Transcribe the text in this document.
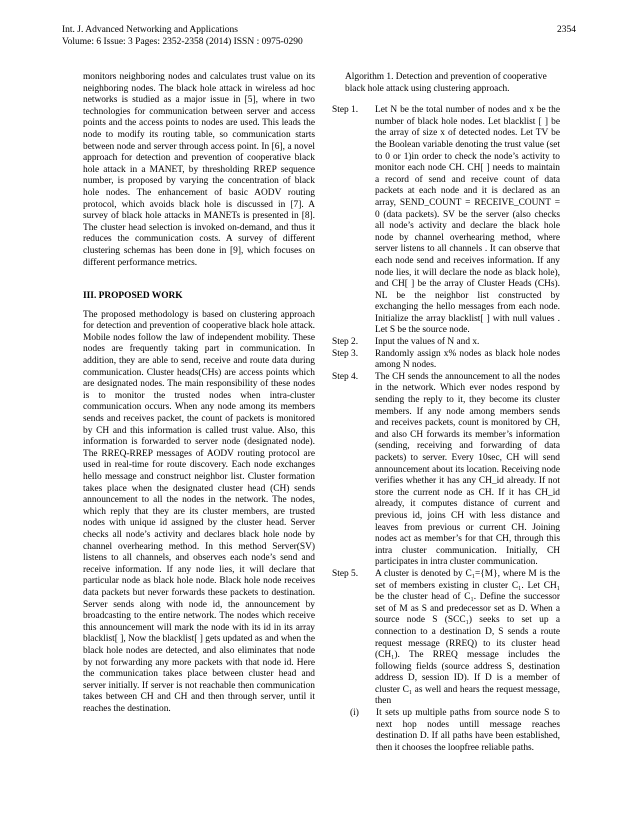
Int. J. Advanced Networking and Applications
Volume: 6 Issue: 3 Pages: 2352-2358 (2014) ISSN : 0975-0290
2354

monitors neighboring nodes and calculates trust value on its neighboring nodes. The black hole attack in wireless ad hoc networks is studied as a major issue in [5], where in two technologies for communication between server and access points and the access points to nodes are used. This leads the node to modify its routing table, so communication starts between node and server through access point. In [6], a novel approach for detection and prevention of cooperative black hole attack in a MANET, by thresholding RREP sequence number, is proposed by varying the concentration of black hole nodes. The enhancement of basic AODV routing protocol, which avoids black hole is discussed in [7]. A survey of black hole attacks in MANETs is presented in [8]. The cluster head selection is invoked on-demand, and thus it reduces the communication costs. A survey of different clustering schemas has been done in [9], which focuses on different performance metrics.

III. PROPOSED WORK

The proposed methodology is based on clustering approach for detection and prevention of cooperative black hole attack. Mobile nodes follow the law of independent mobility. These nodes are frequently taking part in communication. In addition, they are able to send, receive and route data during communication. Cluster heads(CHs) are access points which are designated nodes. The main responsibility of these nodes is to monitor the trusted nodes when intra-cluster communication occurs. When any node among its members sends and receives packet, the count of packets is monitored by CH and this information is called trust value. Also, this information is forwarded to server node (designated node). The RREQ-RREP messages of AODV routing protocol are used in real-time for route discovery. Each node exchanges hello message and construct neighbor list. Cluster formation takes place when the designated cluster head (CH) sends announcement to all the nodes in the network. The nodes, which reply that they are its cluster members, are trusted nodes with unique id assigned by the cluster head. Server checks all node’s activity and declares black hole node by channel overhearing method. In this method Server(SV) listens to all channels, and observes each node’s send and receive information. If any node lies, it will declare that particular node as black hole node. Black hole node receives data packets but never forwards these packets to destination. Server sends along with node id, the announcement by broadcasting to the entire network. The nodes which receive this announcement will mark the node with its id in its array blacklist[ ], Now the blacklist[ ] gets updated as and when the black hole nodes are detected, and also eliminates that node by not forwarding any more packets with that node id. Here the communication takes place between cluster head and server initially. If server is not reachable then communication takes between CH and CH and then through server, until it reaches the destination.

Algorithm 1. Detection and prevention of cooperative black hole attack using clustering approach.
Step 1.	Let N be the total number of nodes and x be the number of black hole nodes. Let blacklist [ ] be the array of size x of detected nodes. Let TV be the Boolean variable denoting the trust value (set to 0 or 1)in order to check the node’s activity to monitor each node CH. CH[ ] needs to maintain a record of send and receive count of data packets at each node and it is declared as an array, SEND_COUNT = RECEIVE_COUNT = 0 (data packets). SV be the server (also checks all node’s activity and declare the black hole node by channel overhearing method, where server listens to all channels . It can observe that each node send and receives information. If any node lies, it will declare the node as black hole), and CH[ ] be the array of Cluster Heads (CHs). NL be the neighbor list constructed by exchanging the hello messages from each node. Initialize the array blacklist[ ] with null values . Let S be the source node.
Step 2.	Input the values of N and x.
Step 3.	Randomly assign x% nodes as black hole nodes among N nodes.
Step 4.	The CH sends the announcement to all the nodes in the network. Which ever nodes respond by sending the reply to it, they become its cluster members. If any node among members sends and receives packets, count is monitored by CH, and also CH forwards its member’s information (sending, receiving and forwarding of data packets) to server. Every 10sec, CH will send announcement about its location. Receiving node verifies whether it has any CH_id already. If not store the current node as CH. If it has CH_id already, it computes distance of current and previous id, joins CH with less distance and leaves from previous or current CH. Joining nodes act as member’s for that CH, through this intra cluster communication. Initially, CH participates in intra cluster communication.
Step 5.	A cluster is denoted by C₁={M}, where M is the set of members existing in cluster C₁. Let CH₁ be the cluster head of C₁. Define the successor set of M as S and predecessor set as D. When a source node S (SCC₁) seeks to set up a connection to a destination D, S sends a route request message (RREQ) to its cluster head (CH₁). The RREQ message includes the following fields (source address S, destination address D, session ID). If D is a member of cluster C₁ as well and hears the request message, then
(i)	It sets up multiple paths from source node S to next hop nodes untill message reaches destination D. If all paths have been established, then it chooses the loopfree reliable paths.
